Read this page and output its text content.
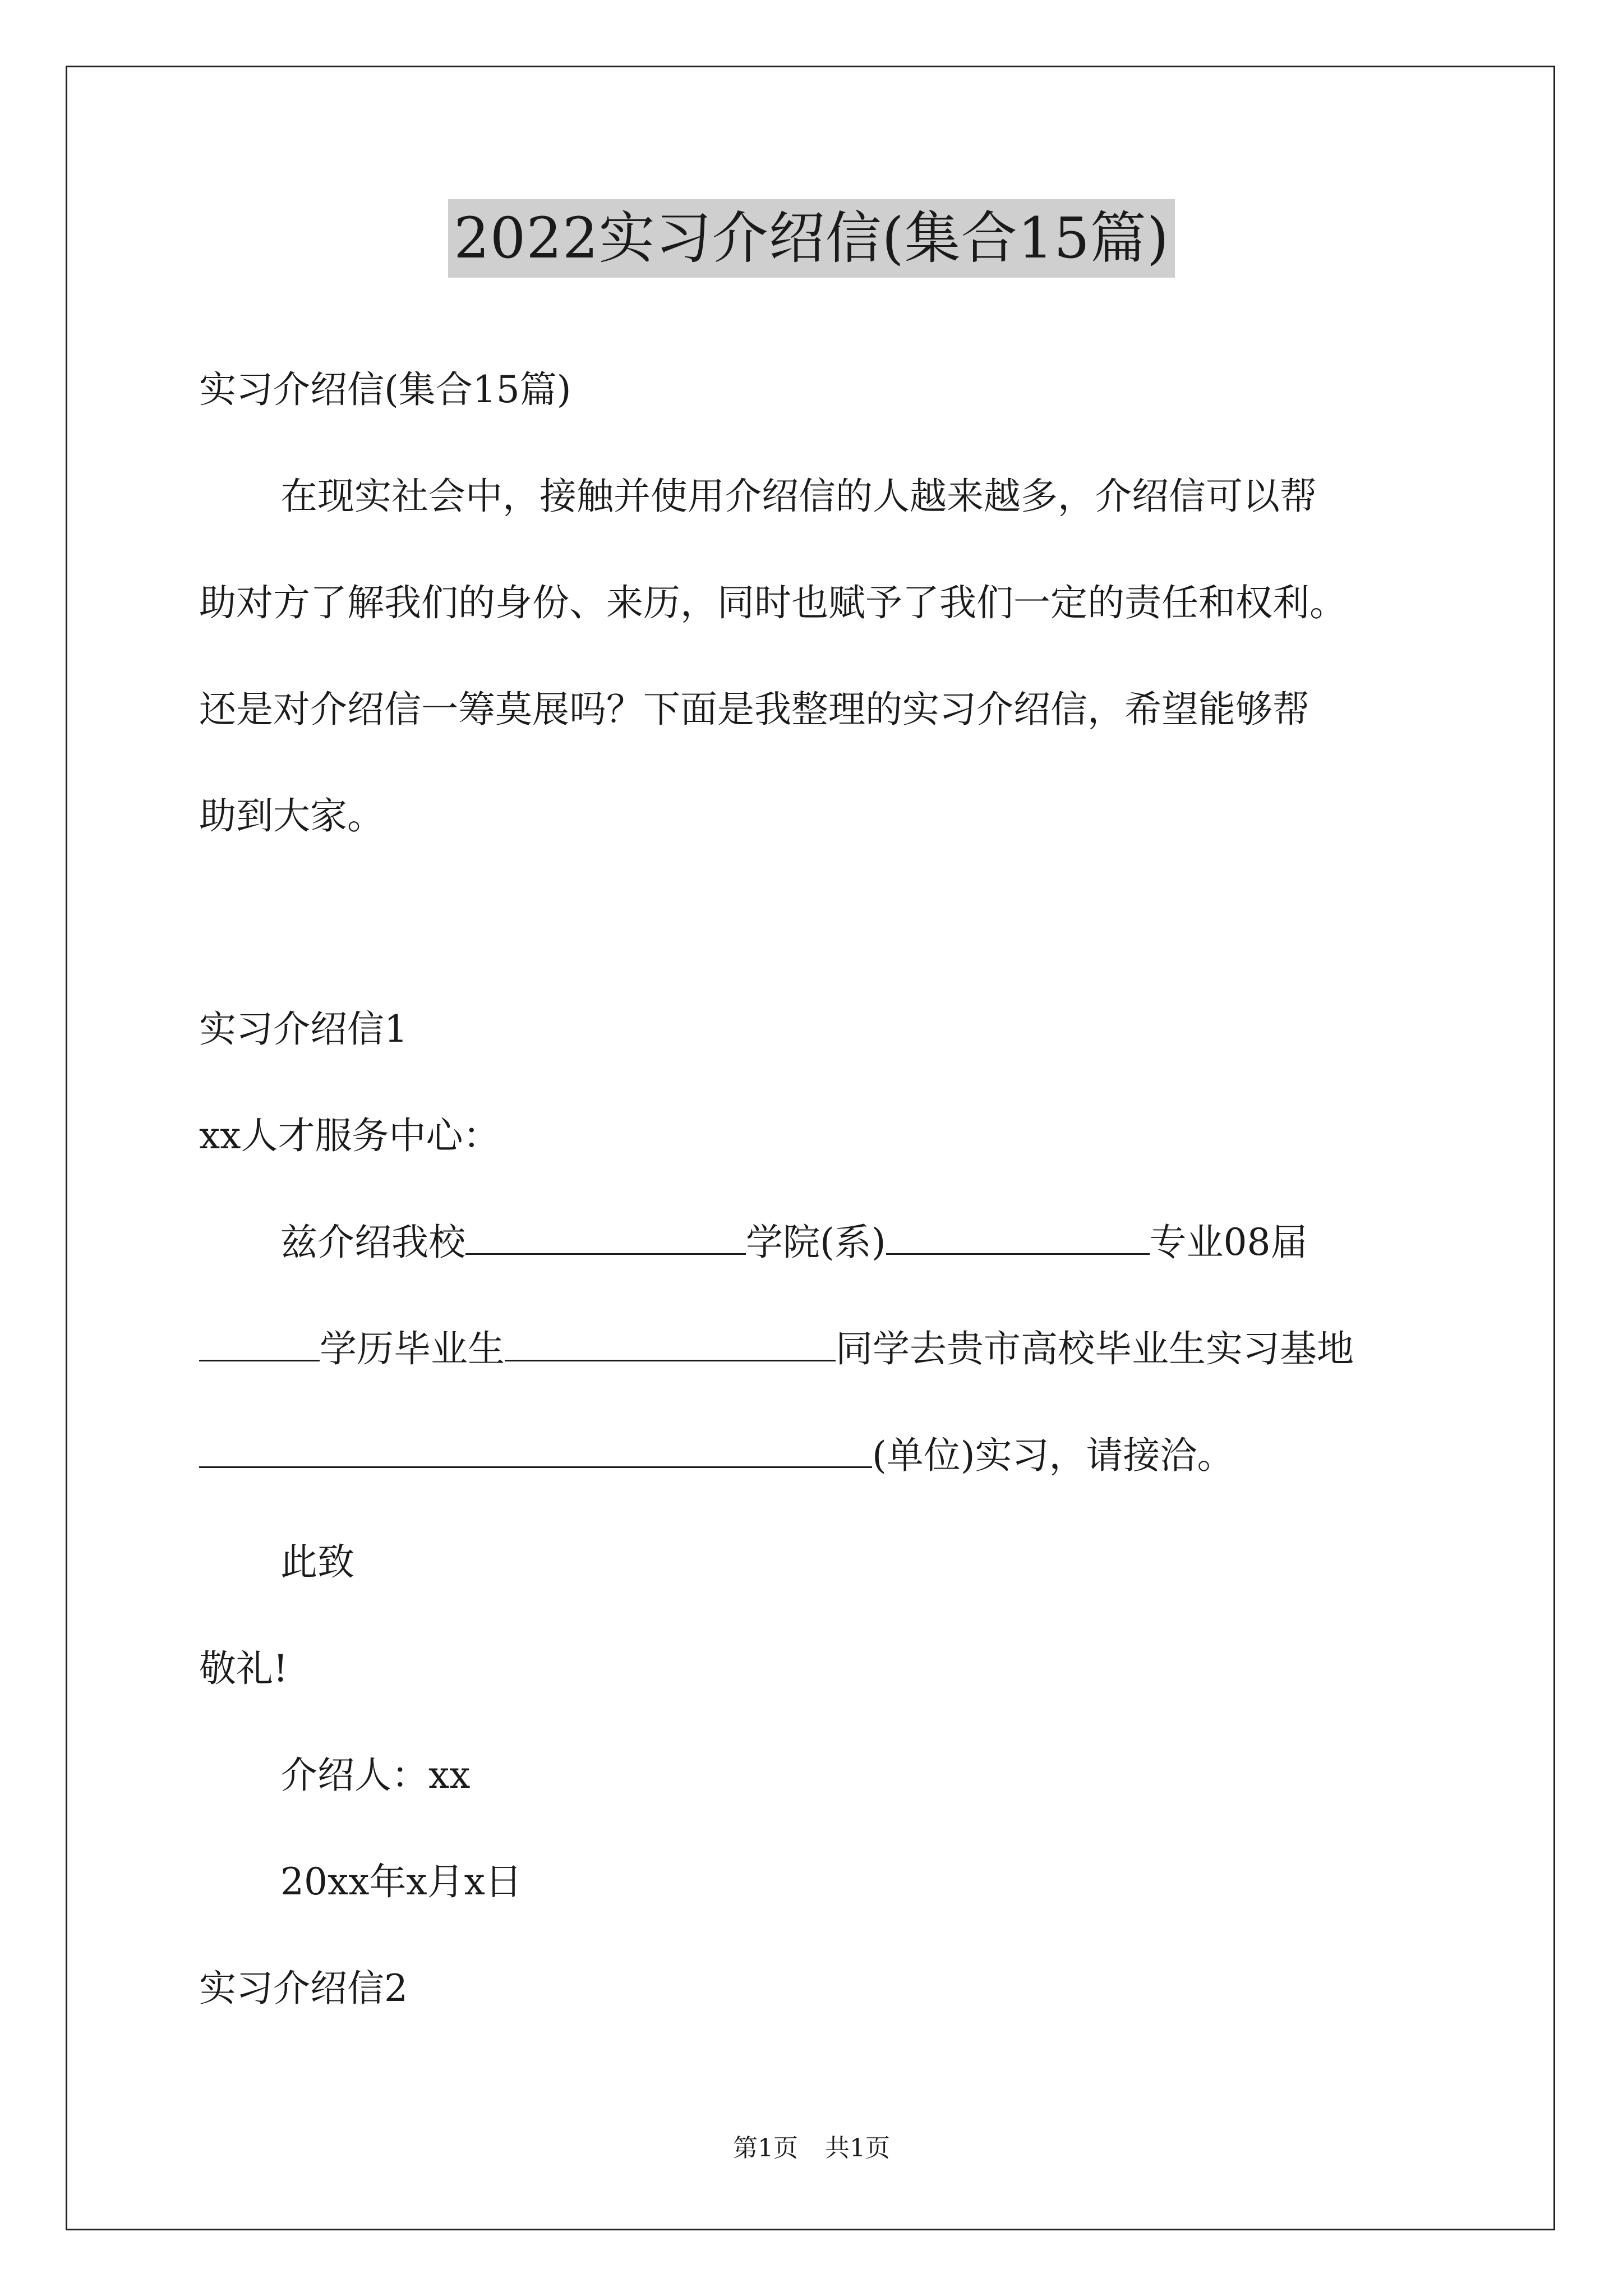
2022实习介绍信(集合15篇)
实习介绍信(集合15篇)
在现实社会中，接触并使用介绍信的人越来越多，介绍信可以帮
助对方了解我们的身份、来历，同时也赋予了我们一定的责任和权利。
还是对介绍信一筹莫展吗？下面是我整理的实习介绍信，希望能够帮
助到大家。
实习介绍信1
xx人才服务中心：
兹介绍我校	学院(系)	专业08届
学历毕业生	同学去贵市高校毕业生实习基地
(单位)实习，请接洽。
此致
敬礼!
介绍人：xx
20xx年x月x日
实习介绍信2
第1页 共1页
